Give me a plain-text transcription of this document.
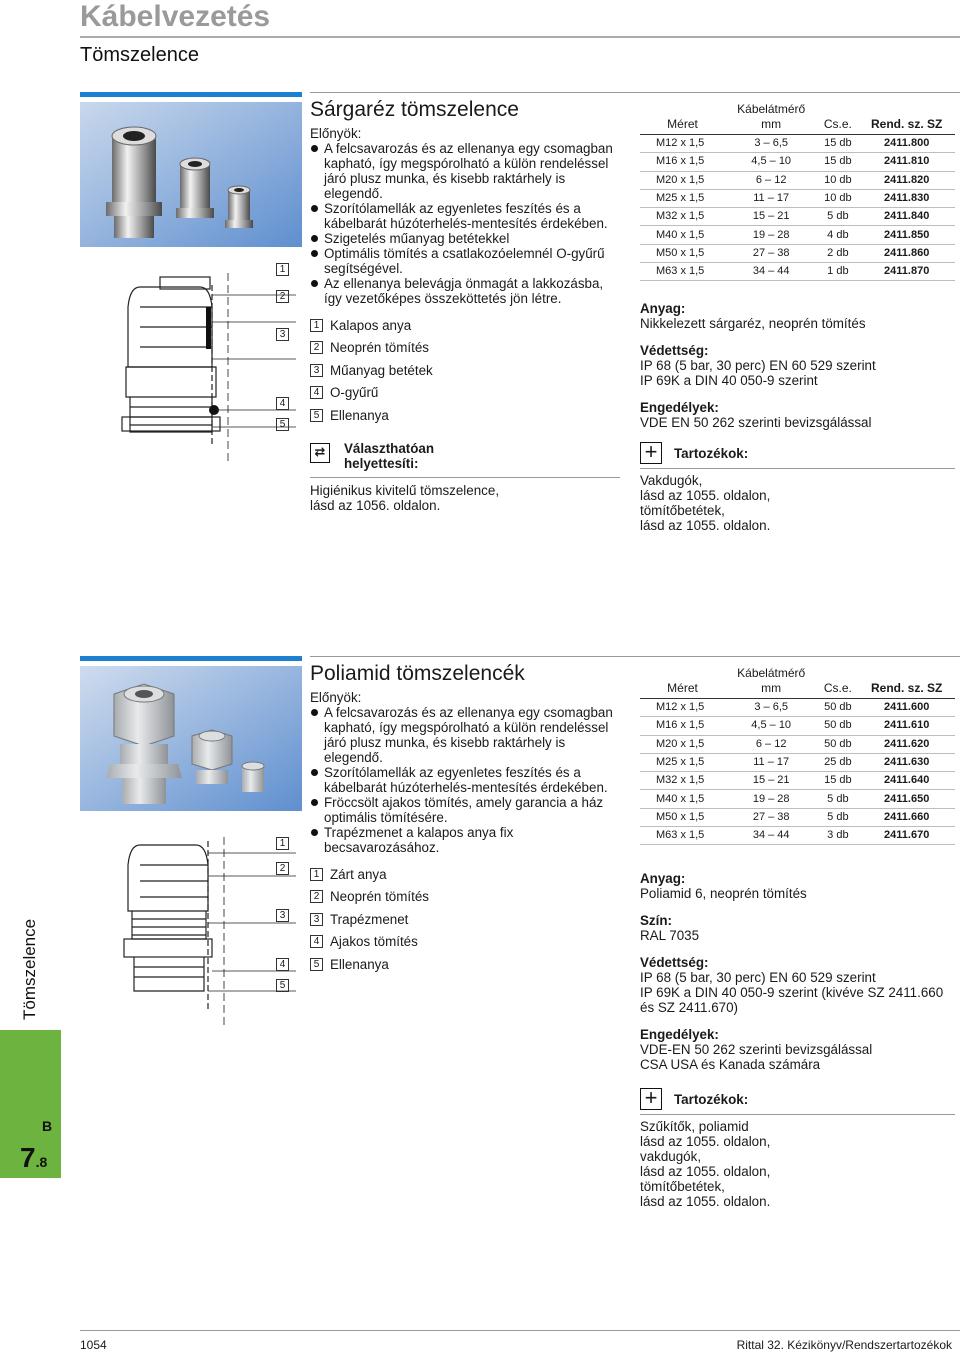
Kábelvezetés
Tömszelence
1
2
3
4
5
Sárgaréz tömszelence
Előnyök:
A felcsavarozás és az ellenanya egy csomagban kapható, így megspórolható a külön rendeléssel járó plusz munka, és kisebb raktárhely is elegendő.
Szorítólamellák az egyenletes feszítés és a kábelbarát húzóterhelés-mentesítés érdekében.
Szigetelés műanyag betétekkel
Optimális tömítés a csatlakozóelemnél O-gyűrű segítségével.
Az ellenanya belevágja önmagát a lakkozásba, így vezetőképes összeköttetés jön létre.
1 Kalapos anya
2 Neoprén tömítés
3 Műanyag betétek
4 O-gyűrű
5 Ellenanya
⇄	Választhatóan
helyettesíti:
Higiénikus kivitelű tömszelence,
lásd az 1056. oldalon.
Méret	Kábelátmérő
mm	Cs.e.	Rend. sz. SZ
M12 x 1,5	3 – 6,5	15 db	2411.800
M16 x 1,5	4,5 – 10	15 db	2411.810
M20 x 1,5	6 – 12	10 db	2411.820
M25 x 1,5	11 – 17	10 db	2411.830
M32 x 1,5	15 – 21	5 db	2411.840
M40 x 1,5	19 – 28	4 db	2411.850
M50 x 1,5	27 – 38	2 db	2411.860
M63 x 1,5	34 – 44	1 db	2411.870
Anyag:
Nikkelezett sárgaréz, neoprén tömítés
Védettség:
IP 68 (5 bar, 30 perc) EN 60 529 szerint
IP 69K a DIN 40 050-9 szerint
Engedélyek:
VDE EN 50 262 szerinti bevizsgálással
+	Tartozékok:
Vakdugók,
lásd az 1055. oldalon,
tömítőbetétek,
lásd az 1055. oldalon.
1
2
3
4
5
Poliamid tömszelencék
Előnyök:
A felcsavarozás és az ellenanya egy csomagban kapható, így megspórolható a külön rendeléssel járó plusz munka, és kisebb raktárhely is elegendő.
Szorítólamellák az egyenletes feszítés és a kábelbarát húzóterhelés-mentesítés érdekében.
Fröccsölt ajakos tömítés, amely garancia a ház optimális tömítésére.
Trapézmenet a kalapos anya fix becsavarozásához.
1 Zárt anya
2 Neoprén tömítés
3 Trapézmenet
4 Ajakos tömítés
5 Ellenanya
Méret	Kábelátmérő
mm	Cs.e.	Rend. sz. SZ
M12 x 1,5	3 – 6,5	50 db	2411.600
M16 x 1,5	4,5 – 10	50 db	2411.610
M20 x 1,5	6 – 12	50 db	2411.620
M25 x 1,5	11 – 17	25 db	2411.630
M32 x 1,5	15 – 21	15 db	2411.640
M40 x 1,5	19 – 28	5 db	2411.650
M50 x 1,5	27 – 38	5 db	2411.660
M63 x 1,5	34 – 44	3 db	2411.670
Anyag:
Poliamid 6, neoprén tömítés
Szín:
RAL 7035
Védettség:
IP 68 (5 bar, 30 perc) EN 60 529 szerint
IP 69K a DIN 40 050-9 szerint (kivéve SZ 2411.660
és SZ 2411.670)
Engedélyek:
VDE-EN 50 262 szerinti bevizsgálással
CSA USA és Kanada számára
+	Tartozékok:
Szűkítők, poliamid
lásd az 1055. oldalon,
vakdugók,
lásd az 1055. oldalon,
tömítőbetétek,
lásd az 1055. oldalon.
Tömszelence
B
7.8
1054	Rittal 32. Kézikönyv/Rendszertartozékok
